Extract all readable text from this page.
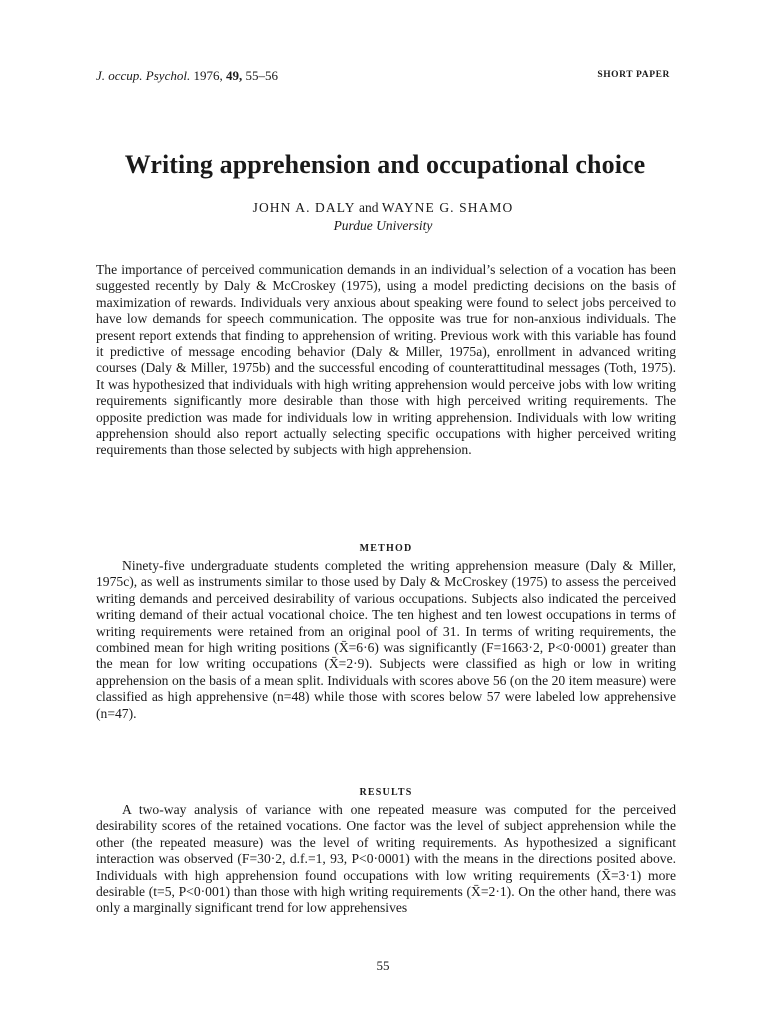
J. occup. Psychol. 1976, 49, 55–56	SHORT PAPER
Writing apprehension and occupational choice
JOHN A. DALY and WAYNE G. SHAMO
Purdue University

The importance of perceived communication demands in an individual’s selection of a vocation has been suggested recently by Daly & McCroskey (1975), using a model predicting decisions on the basis of maximization of rewards. Individuals very anxious about speaking were found to select jobs perceived to have low demands for speech communication. The opposite was true for non-anxious individuals. The present report extends that finding to apprehension of writing. Previous work with this variable has found it predictive of message encoding behavior (Daly & Miller, 1975a), enrollment in advanced writing courses (Daly & Miller, 1975b) and the successful encoding of counterattitudinal messages (Toth, 1975). It was hypothesized that individuals with high writing apprehension would perceive jobs with low writing requirements significantly more desirable than those with high perceived writing requirements. The opposite prediction was made for individuals low in writing apprehension. Individuals with low writing apprehension should also report actually selecting specific occupations with higher perceived writing requirements than those selected by subjects with high apprehension.

METHOD

Ninety-five undergraduate students completed the writing apprehension measure (Daly & Miller, 1975c), as well as instruments similar to those used by Daly & McCroskey (1975) to assess the perceived writing demands and perceived desirability of various occupations. Subjects also indicated the perceived writing demand of their actual vocational choice. The ten highest and ten lowest occupations in terms of writing requirements were retained from an original pool of 31. In terms of writing requirements, the combined mean for high writing positions (X̄=6·6) was significantly (F=1663·2, P<0·0001) greater than the mean for low writing occupations (X̄=2·9). Subjects were classified as high or low in writing apprehension on the basis of a mean split. Individuals with scores above 56 (on the 20 item measure) were classified as high apprehensive (n=48) while those with scores below 57 were labeled low apprehensive (n=47).

RESULTS

A two-way analysis of variance with one repeated measure was computed for the perceived desirability scores of the retained vocations. One factor was the level of subject apprehension while the other (the repeated measure) was the level of writing requirements. As hypothesized a significant interaction was observed (F=30·2, d.f.=1, 93, P<0·0001) with the means in the directions posited above. Individuals with high apprehension found occupations with low writing requirements (X̄=3·1) more desirable (t=5, P<0·001) than those with high writing requirements (X̄=2·1). On the other hand, there was only a marginally significant trend for low apprehensives

55
